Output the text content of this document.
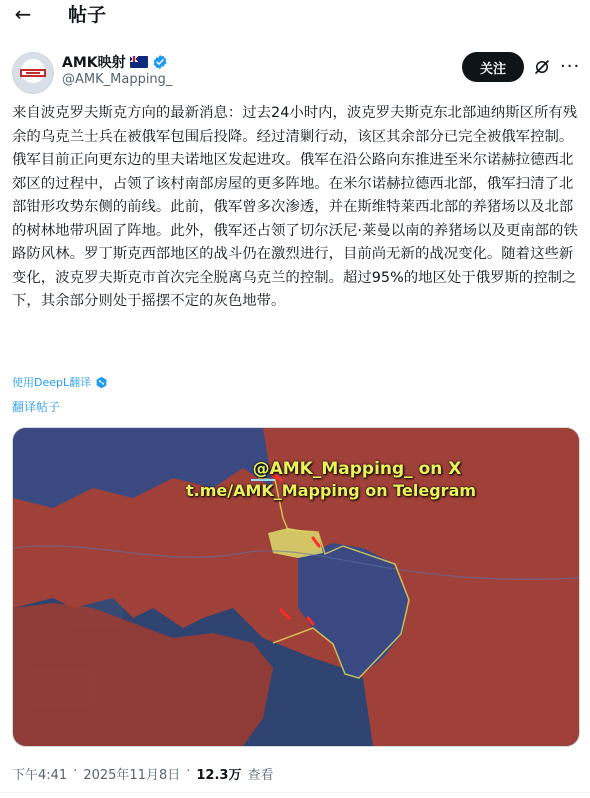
← 帖子
AMK映射
@AMK_Mapping_
关注	···
来自波克罗夫斯克方向的最新消息：过去24小时内，波克罗夫斯克东北部迪纳斯区所有残余的乌克兰士兵在被俄军包围后投降。经过清剿行动，该区其余部分已完全被俄军控制。俄军目前正向更东边的里夫诺地区发起进攻。俄军在沿公路向东推进至米尔诺赫拉德西北郊区的过程中，占领了该村南部房屋的更多阵地。在米尔诺赫拉德西北部，俄军扫清了北部钳形攻势东侧的前线。此前，俄军曾多次渗透，并在斯维特莱西北部的养猪场以及北部的树林地带巩固了阵地。此外，俄军还占领了切尔沃尼·莱曼以南的养猪场以及更南部的铁路防风林。罗丁斯克西部地区的战斗仍在激烈进行，目前尚无新的战况变化。随着这些新变化，波克罗夫斯克市首次完全脱离乌克兰的控制。超过95%的地区处于俄罗斯的控制之下，其余部分则处于摇摆不定的灰色地带。
使用DeepL翻译
翻译帖子
@AMK_Mapping_ on X
t.me/AMK_Mapping on Telegram
下午4:41 · 2025年11月8日 · 12.3万 查看
